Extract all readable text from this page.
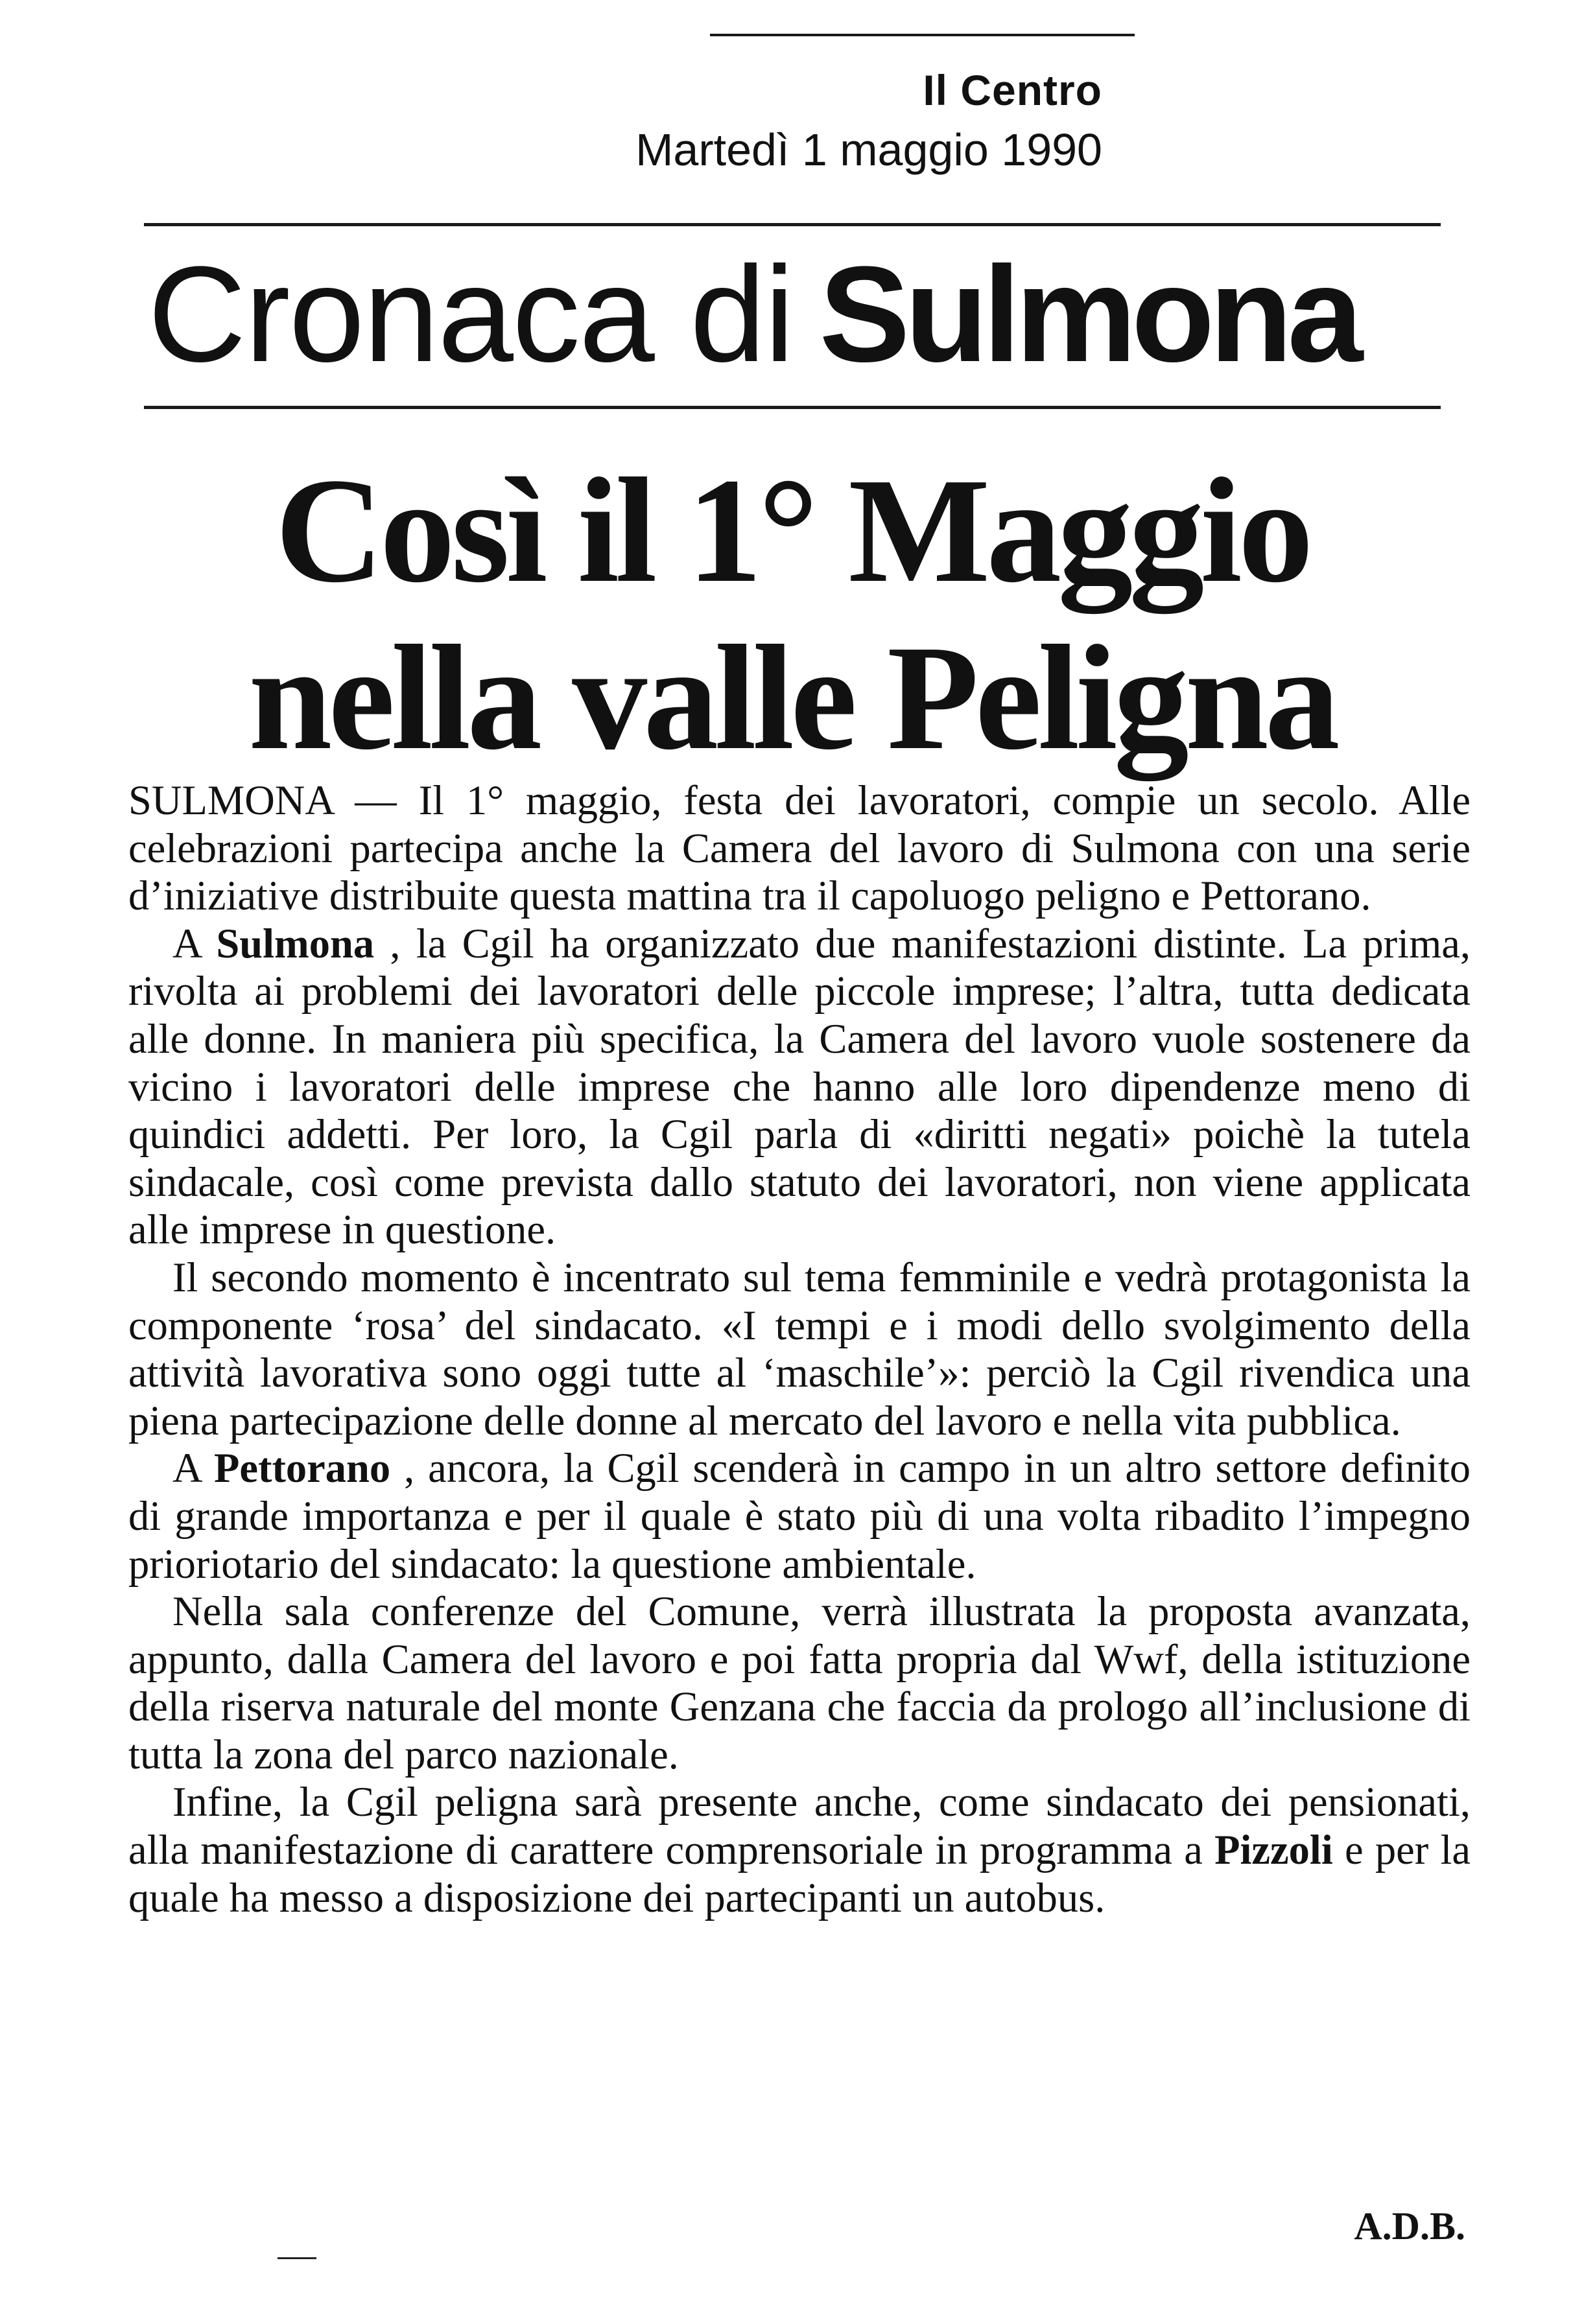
Il Centro
Martedì 1 maggio 1990
Cronaca di Sulmona
Così il 1° Maggio
nella valle Peligna

SULMONA — Il 1° maggio, festa dei lavoratori, compie un secolo. Alle celebrazioni partecipa anche la Camera del lavoro di Sulmona con una serie d’iniziative distribuite questa mattina tra il capoluogo peligno e Pettorano.

A Sulmona , la Cgil ha organizzato due manifestazioni distinte. La prima, rivolta ai problemi dei lavoratori delle piccole imprese; l’altra, tutta dedicata alle donne. In maniera più specifica, la Camera del lavoro vuole sostenere da vicino i lavoratori delle imprese che hanno alle loro dipendenze meno di quindici addetti. Per loro, la Cgil parla di «diritti negati» poichè la tutela sindacale, così come prevista dallo statuto dei lavoratori, non viene applicata alle imprese in questione.

Il secondo momento è incentrato sul tema femminile e vedrà protagonista la componente ‘rosa’ del sindacato. «I tempi e i modi dello svolgimento della attività lavorativa sono oggi tutte al ‘maschile’»: perciò la Cgil rivendica una piena partecipazione delle donne al mercato del lavoro e nella vita pubblica.

A Pettorano , ancora, la Cgil scenderà in campo in un altro settore definito di grande importanza e per il quale è stato più di una volta ribadito l’impegno prioriotario del sindacato: la questione ambientale.

Nella sala conferenze del Comune, verrà illustrata la proposta avanzata, appunto, dalla Camera del lavoro e poi fatta propria dal Wwf, della istituzione della riserva naturale del monte Genzana che faccia da prologo all’inclusione di tutta la zona del parco nazionale.

Infine, la Cgil peligna sarà presente anche, come sindacato dei pensionati, alla manifestazione di carattere comprensoriale in programma a Pizzoli e per la quale ha messo a disposizione dei partecipanti un autobus.

A.D.B.
